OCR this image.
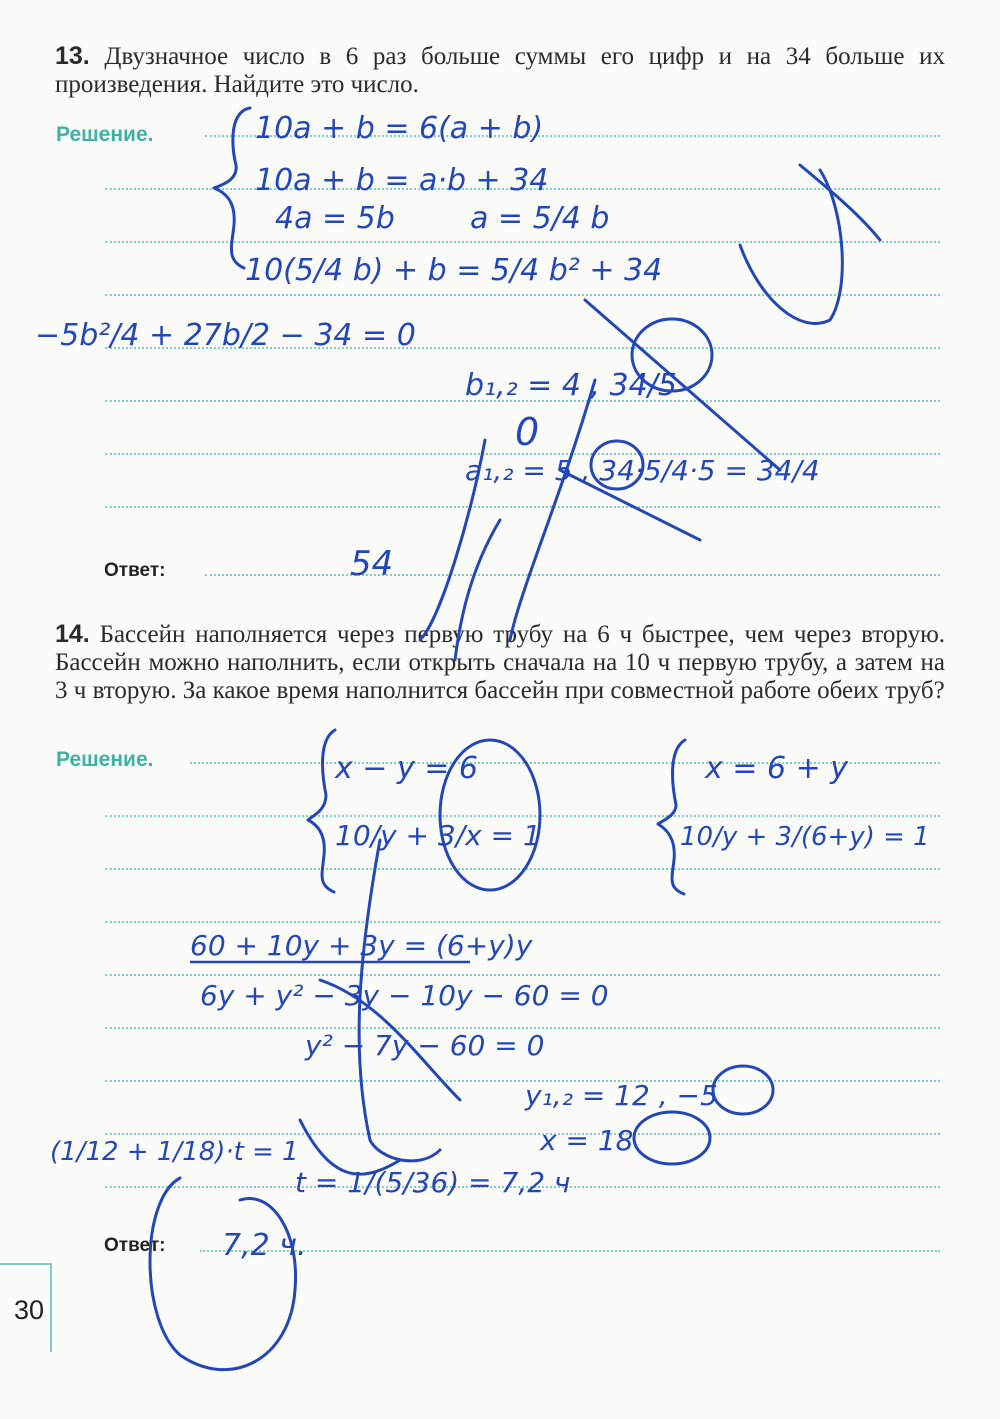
13. Двузначное число в 6 раз больше суммы его цифр и на 34 больше их произведения. Найдите это число.
Решение.
Ответ:
14. Бассейн наполняется через первую трубу на 6 ч быстрее, чем через вторую. Бассейн можно наполнить, если открыть сначала на 10 ч первую трубу, а затем на 3 ч вторую. За какое время наполнится бассейн при совместной работе обеих труб?
Решение.
Ответ:
30
10a + b = 6(a + b)
10a + b = a·b + 34
4a = 5b	a = 5/4 b
10(5/4 b) + b = 5/4 b² + 34
−5b²/4 + 27b/2 − 34 = 0
b₁,₂ = 4 , 34/5
0
a₁,₂ = 5 , 34·5/4·5 = 34/4
54
x − y = 6
10/y + 3/x = 1
x = 6 + y
10/y + 3/(6+y) = 1
60 + 10y + 3y = (6+y)y
6y + y² − 3y − 10y − 60 = 0
y² − 7y − 60 = 0
y₁,₂ = 12 , −5
x = 18
(1/12 + 1/18)·t = 1
t = 1/(5/36) = 7,2 ч
7,2 ч.
